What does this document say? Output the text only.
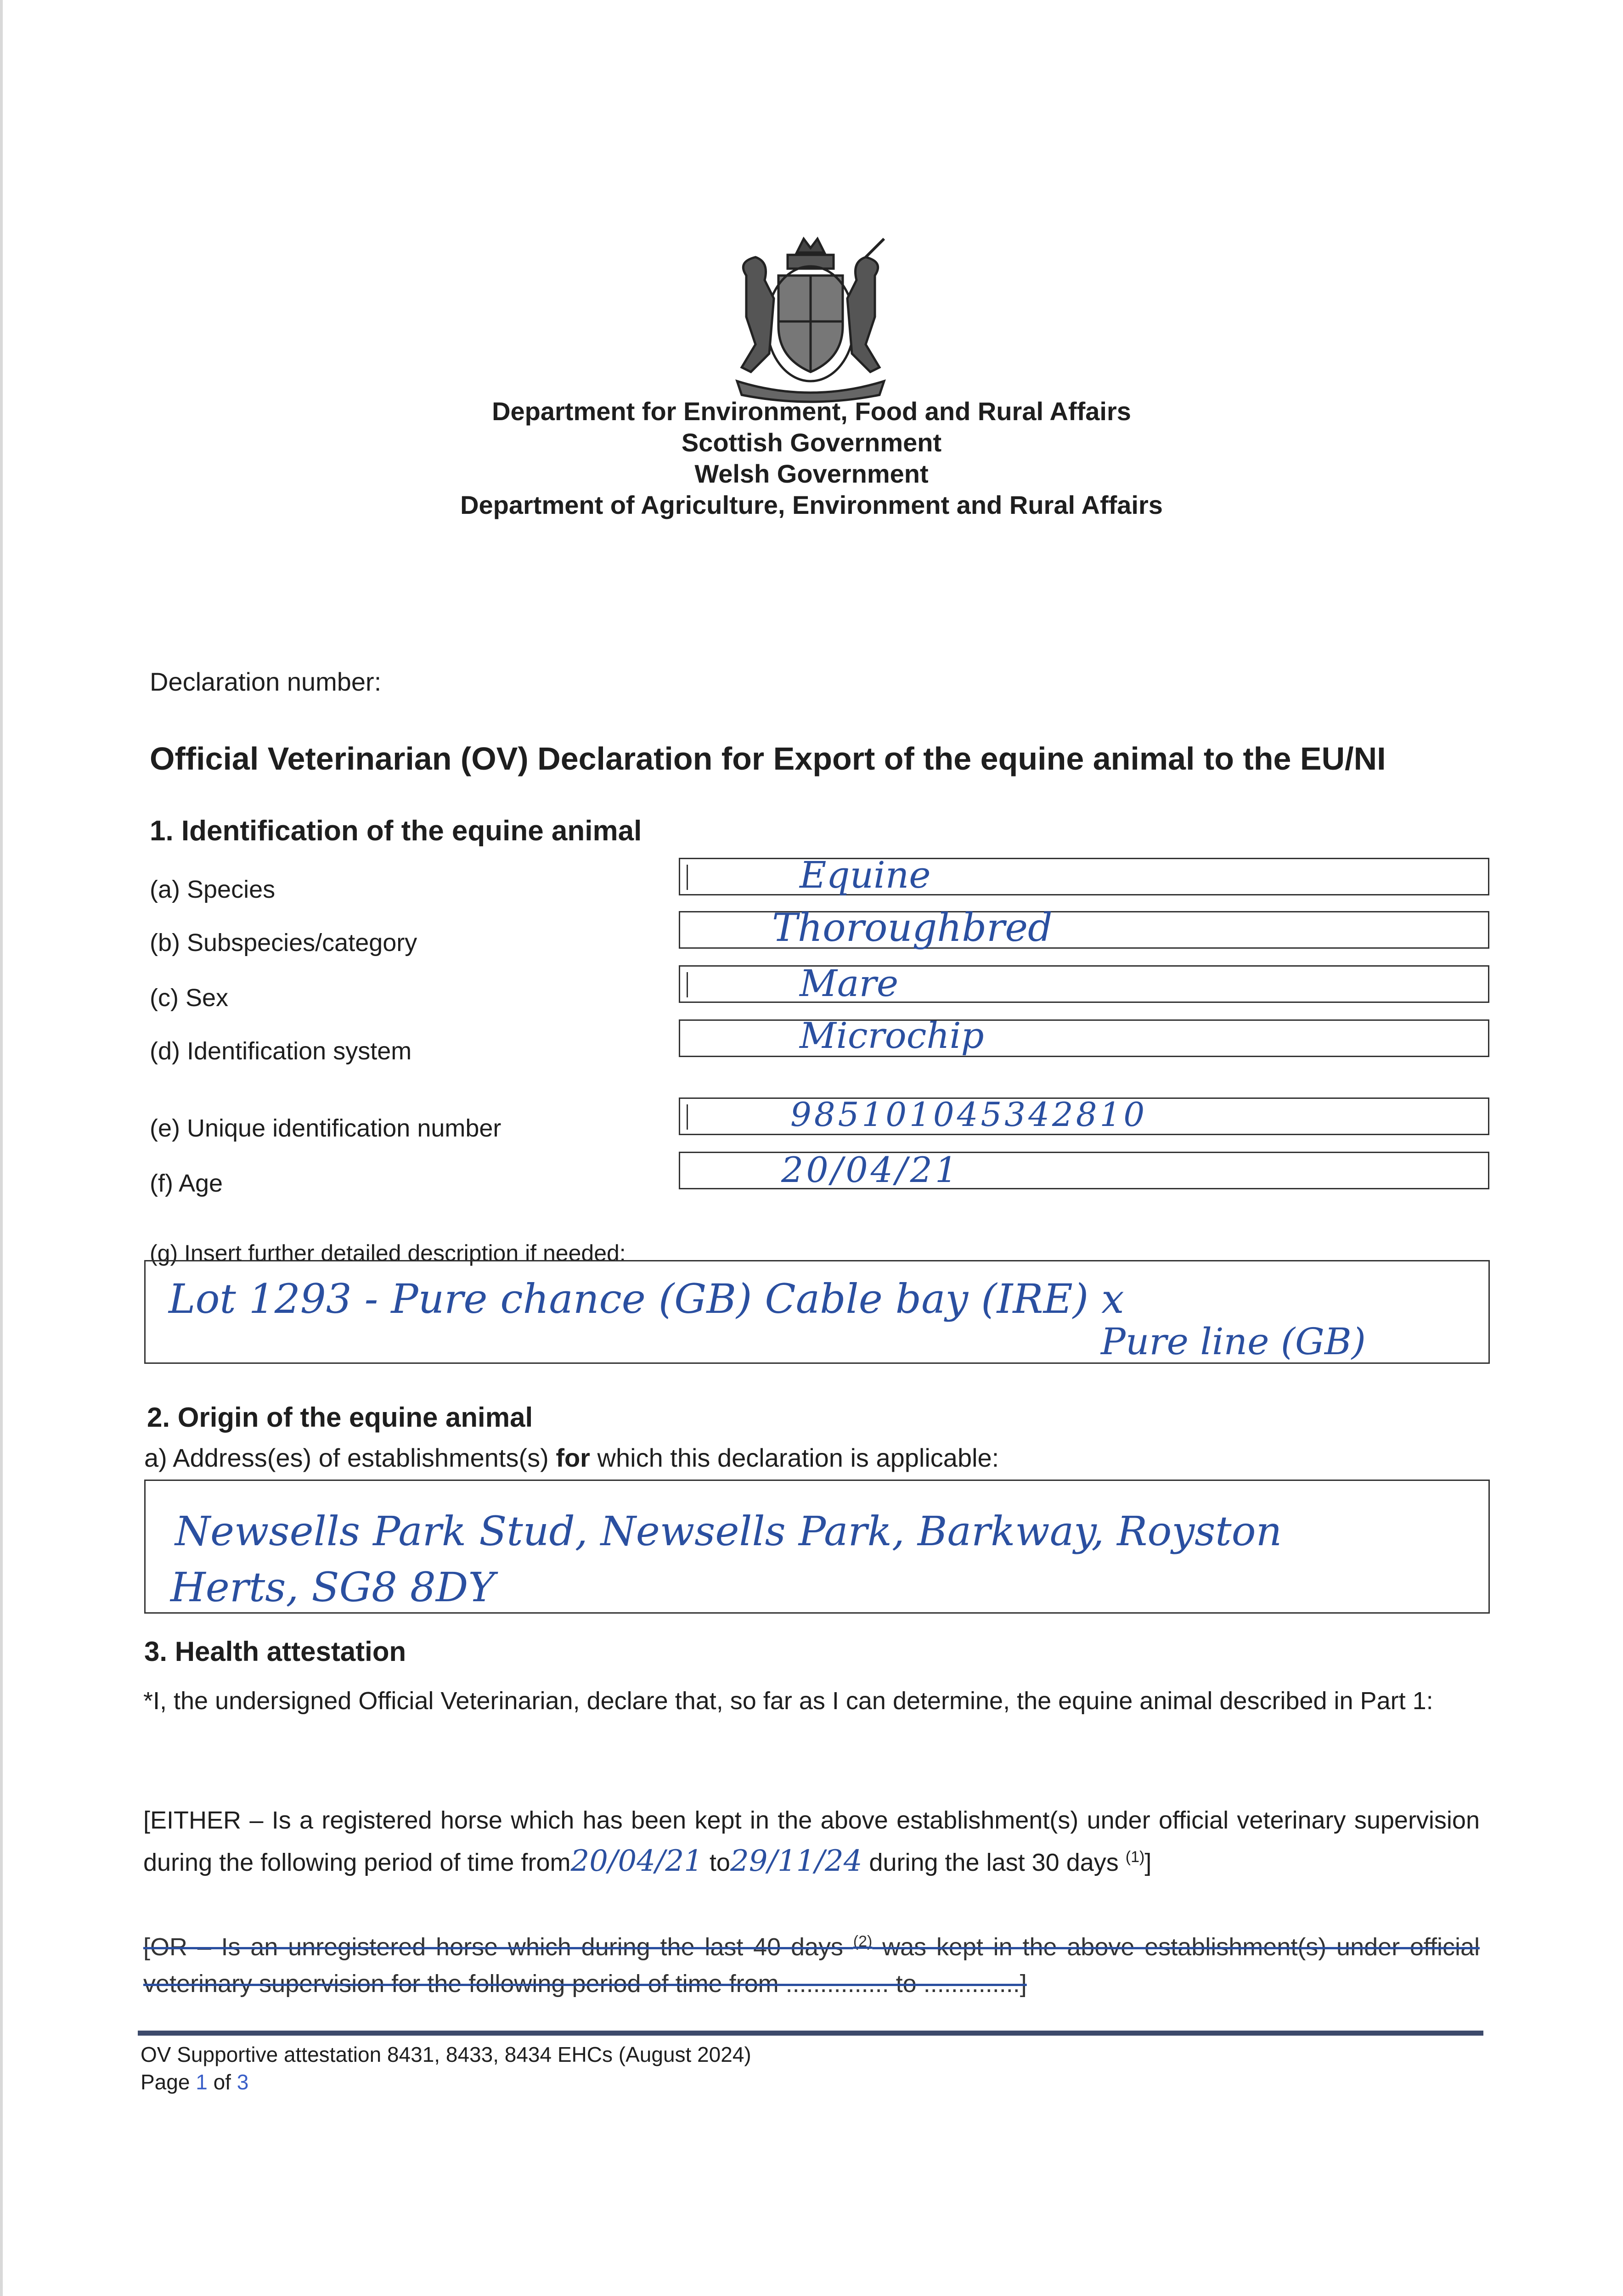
Department for Environment, Food and Rural Affairs
Scottish Government
Welsh Government
Department of Agriculture, Environment and Rural Affairs
Declaration number:
Official Veterinarian (OV) Declaration for Export of the equine animal to the EU/NI
1. Identification of the equine animal
(a) Species	Equine
(b) Subspecies/category	Thoroughbred
(c) Sex	Mare
(d) Identification system	Microchip
(e) Unique identification number	985101045342810
(f) Age	20/04/21
(g) Insert further detailed description if needed:
Lot 1293 - Pure chance (GB) Cable bay (IRE) x
Pure line (GB)
2. Origin of the equine animal
a) Address(es) of establishments(s) for which this declaration is applicable:
Newsells Park Stud, Newsells Park, Barkway, Royston
Herts, SG8 8DY
3. Health attestation
*I, the undersigned Official Veterinarian, declare that, so far as I can determine, the equine animal described in Part 1:
[EITHER – Is a registered horse which has been kept in the above establishment(s) under official veterinary supervision during the following period of time from20/04/21 to29/11/24 during the last 30 days $^{(1)}$]
[OR – Is an unregistered horse which during the last 40 days $^{(2)}$ was kept in the above establishment(s) under official veterinary supervision for the following period of time from ............... to ..............]
OV Supportive attestation 8431, 8433, 8434 EHCs (August 2024)
Page 1 of 3
